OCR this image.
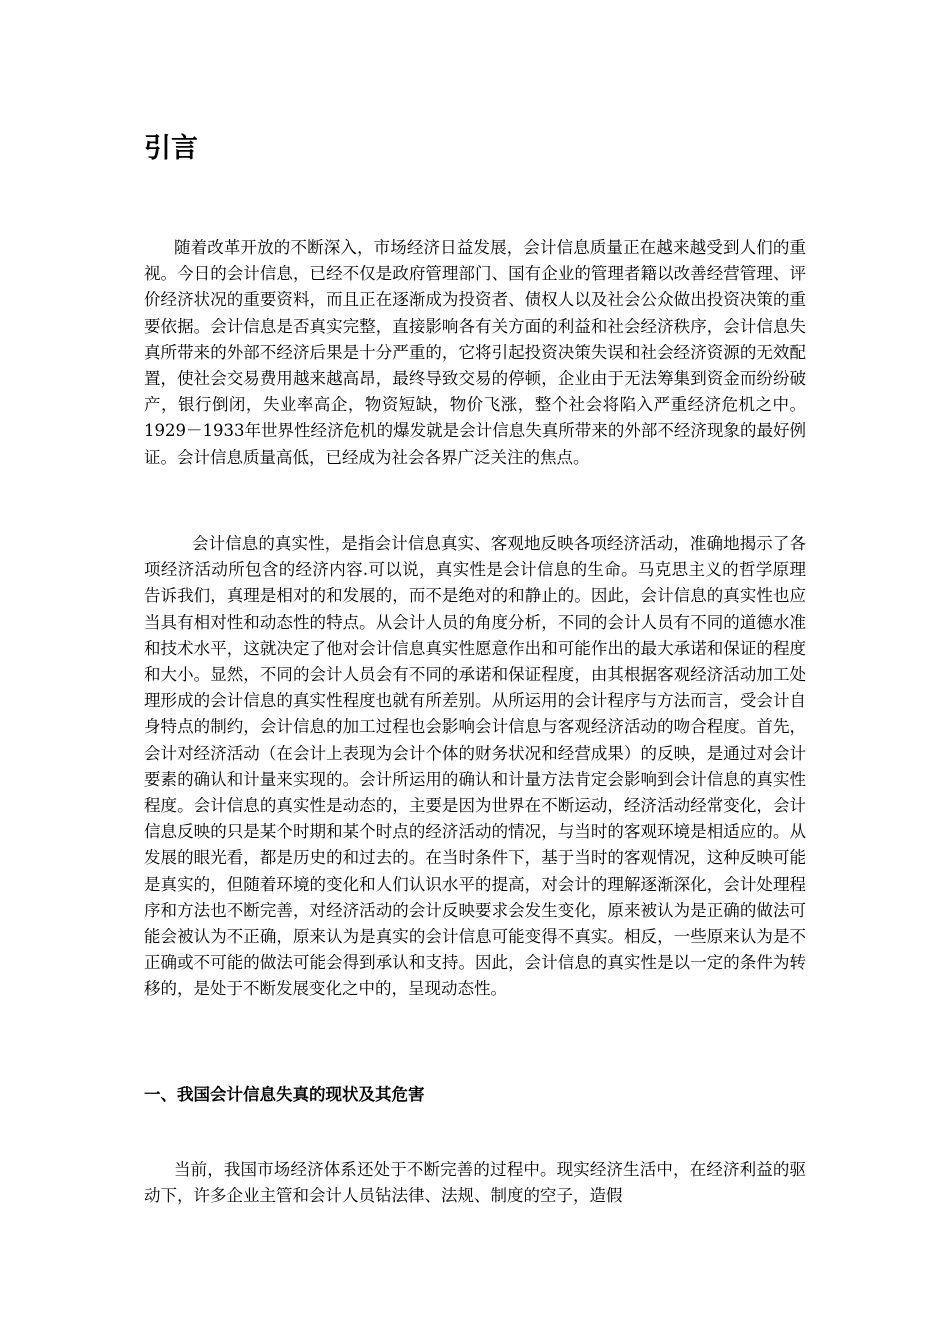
引言

随着改革开放的不断深入，市场经济日益发展，会计信息质量正在越来越受到人们的重视。今日的会计信息，已经不仅是政府管理部门、国有企业的管理者籍以改善经营管理、评价经济状况的重要资料，而且正在逐渐成为投资者、债权人以及社会公众做出投资决策的重要依据。会计信息是否真实完整，直接影响各有关方面的利益和社会经济秩序，会计信息失真所带来的外部不经济后果是十分严重的，它将引起投资决策失误和社会经济资源的无效配置，使社会交易费用越来越高昂，最终导致交易的停顿，企业由于无法筹集到资金而纷纷破产，银行倒闭，失业率高企，物资短缺，物价飞涨，整个社会将陷入严重经济危机之中。1929－1933年世界性经济危机的爆发就是会计信息失真所带来的外部不经济现象的最好例证。会计信息质量高低，已经成为社会各界广泛关注的焦点。

会计信息的真实性，是指会计信息真实、客观地反映各项经济活动，准确地揭示了各项经济活动所包含的经济内容.可以说，真实性是会计信息的生命。马克思主义的哲学原理告诉我们，真理是相对的和发展的，而不是绝对的和静止的。因此，会计信息的真实性也应当具有相对性和动态性的特点。从会计人员的角度分析，不同的会计人员有不同的道德水准和技术水平，这就决定了他对会计信息真实性愿意作出和可能作出的最大承诺和保证的程度和大小。显然，不同的会计人员会有不同的承诺和保证程度，由其根据客观经济活动加工处理形成的会计信息的真实性程度也就有所差别。从所运用的会计程序与方法而言，受会计自身特点的制约，会计信息的加工过程也会影响会计信息与客观经济活动的吻合程度。首先，会计对经济活动（在会计上表现为会计个体的财务状况和经营成果）的反映，是通过对会计要素的确认和计量来实现的。会计所运用的确认和计量方法肯定会影响到会计信息的真实性程度。会计信息的真实性是动态的，主要是因为世界在不断运动，经济活动经常变化，会计信息反映的只是某个时期和某个时点的经济活动的情况，与当时的客观环境是相适应的。从发展的眼光看，都是历史的和过去的。在当时条件下，基于当时的客观情况，这种反映可能是真实的，但随着环境的变化和人们认识水平的提高，对会计的理解逐渐深化，会计处理程序和方法也不断完善，对经济活动的会计反映要求会发生变化，原来被认为是正确的做法可能会被认为不正确，原来认为是真实的会计信息可能变得不真实。相反，一些原来认为是不正确或不可能的做法可能会得到承认和支持。因此，会计信息的真实性是以一定的条件为转移的，是处于不断发展变化之中的，呈现动态性。

一、我国会计信息失真的现状及其危害

当前，我国市场经济体系还处于不断完善的过程中。现实经济生活中，在经济利益的驱动下，许多企业主管和会计人员钻法律、法规、制度的空子，造假
